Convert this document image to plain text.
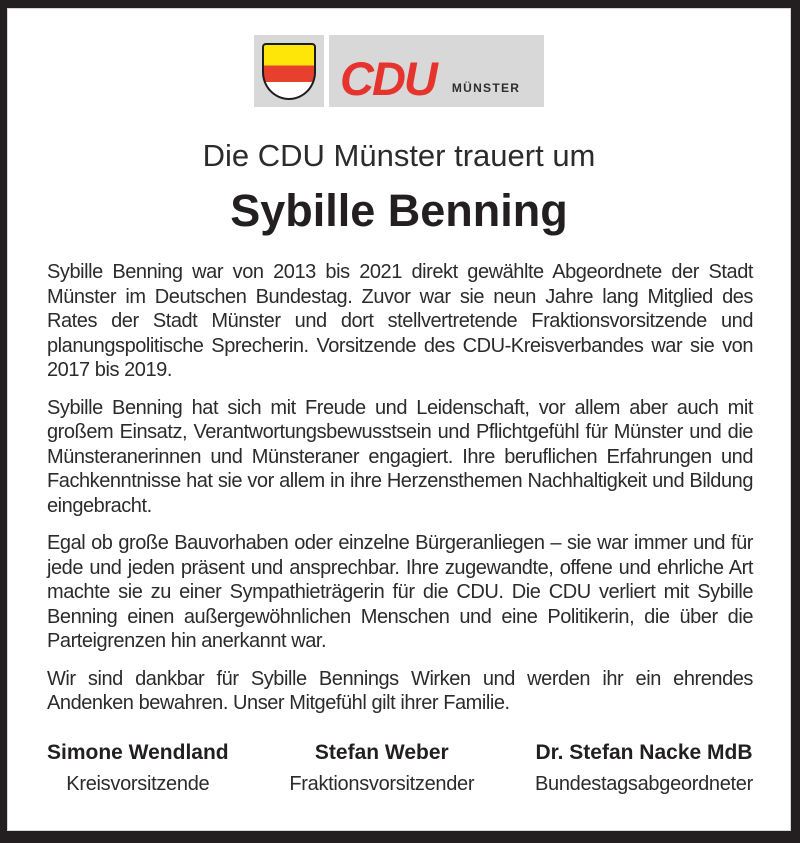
CDU MÜNSTER
Die CDU Münster trauert um
Sybille Benning

Sybille Benning war von 2013 bis 2021 direkt gewählte Abgeordnete der Stadt Münster im Deutschen Bundestag. Zuvor war sie neun Jahre lang Mitglied des Rates der Stadt Münster und dort stellvertretende Fraktionsvorsitzende und planungspolitische Sprecherin. Vorsitzende des CDU-Kreisverbandes war sie von 2017 bis 2019.

Sybille Benning hat sich mit Freude und Leidenschaft, vor allem aber auch mit großem Einsatz, Verantwortungsbewusstsein und Pflichtgefühl für Münster und die Münsteranerinnen und Münsteraner engagiert. Ihre beruflichen Erfahrungen und Fachkenntnisse hat sie vor allem in ihre Herzensthemen Nachhaltigkeit und Bildung eingebracht.

Egal ob große Bauvorhaben oder einzelne Bürgeranliegen – sie war immer und für jede und jeden präsent und ansprechbar. Ihre zugewandte, offene und ehrliche Art machte sie zu einer Sympathieträgerin für die CDU. Die CDU verliert mit Sybille Benning einen außergewöhnlichen Menschen und eine Politikerin, die über die Parteigrenzen hin anerkannt war.

Wir sind dankbar für Sybille Bennings Wirken und werden ihr ein ehrendes Andenken bewahren. Unser Mitgefühl gilt ihrer Familie.

Simone Wendland
Kreisvorsitzende
Stefan Weber
Fraktionsvorsitzender
Dr. Stefan Nacke MdB
Bundestagsabgeordneter
